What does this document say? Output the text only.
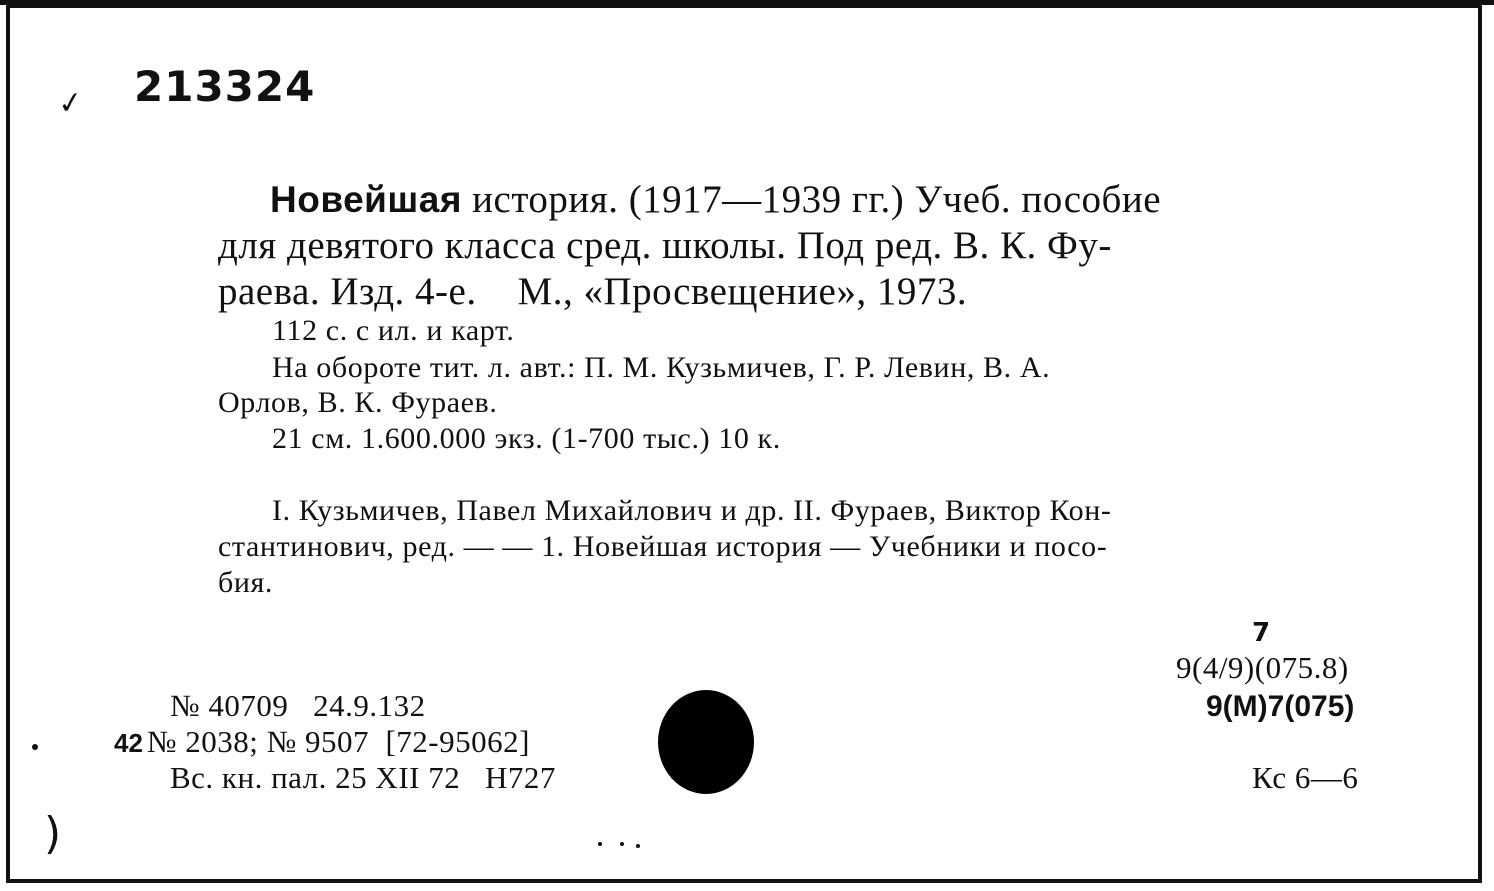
✓ 213324
Новейшая история. (1917—1939 гг.) Учеб. пособие
для девятого класса сред. школы. Под ред. В. К. Фу-
раева. Изд. 4-е.    М., «Просвещение», 1973.
112 с. с ил. и карт.
На обороте тит. л. авт.: П. М. Кузьмичев, Г. Р. Левин, В. А.
Орлов, В. К. Фураев.
21 см. 1.600.000 экз. (1-700 тыс.) 10 к.
I. Кузьмичев, Павел Михайлович и др. II. Фураев, Виктор Кон-
стантинович, ред. — — 1. Новейшая история — Учебники и посо-
бия.
№ 40709   24.9.132
42 № 2038; № 9507  [72-95062]
Вс. кн. пал. 25 XII 72   Н727
7
9(4/9)(075.8)
9(М)7(075)
Кс 6—6
)
